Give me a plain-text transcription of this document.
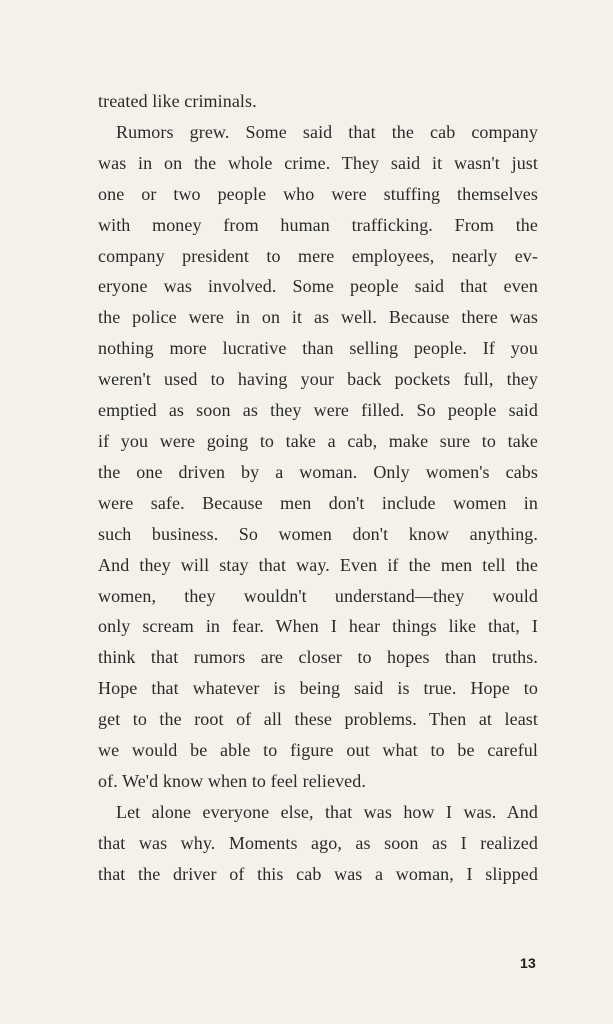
treated like criminals.
Rumors grew. Some said that the cab company
was in on the whole crime. They said it wasn't just
one or two people who were stuffing themselves
with money from human trafficking. From the
company president to mere employees, nearly ev-
eryone was involved. Some people said that even
the police were in on it as well. Because there was
nothing more lucrative than selling people. If you
weren't used to having your back pockets full, they
emptied as soon as they were filled. So people said
if you were going to take a cab, make sure to take
the one driven by a woman. Only women's cabs
were safe. Because men don't include women in
such business. So women don't know anything.
And they will stay that way. Even if the men tell the
women, they wouldn't understand—they would
only scream in fear. When I hear things like that, I
think that rumors are closer to hopes than truths.
Hope that whatever is being said is true. Hope to
get to the root of all these problems. Then at least
we would be able to figure out what to be careful
of. We'd know when to feel relieved.
Let alone everyone else, that was how I was. And
that was why. Moments ago, as soon as I realized
that the driver of this cab was a woman, I slipped
13
